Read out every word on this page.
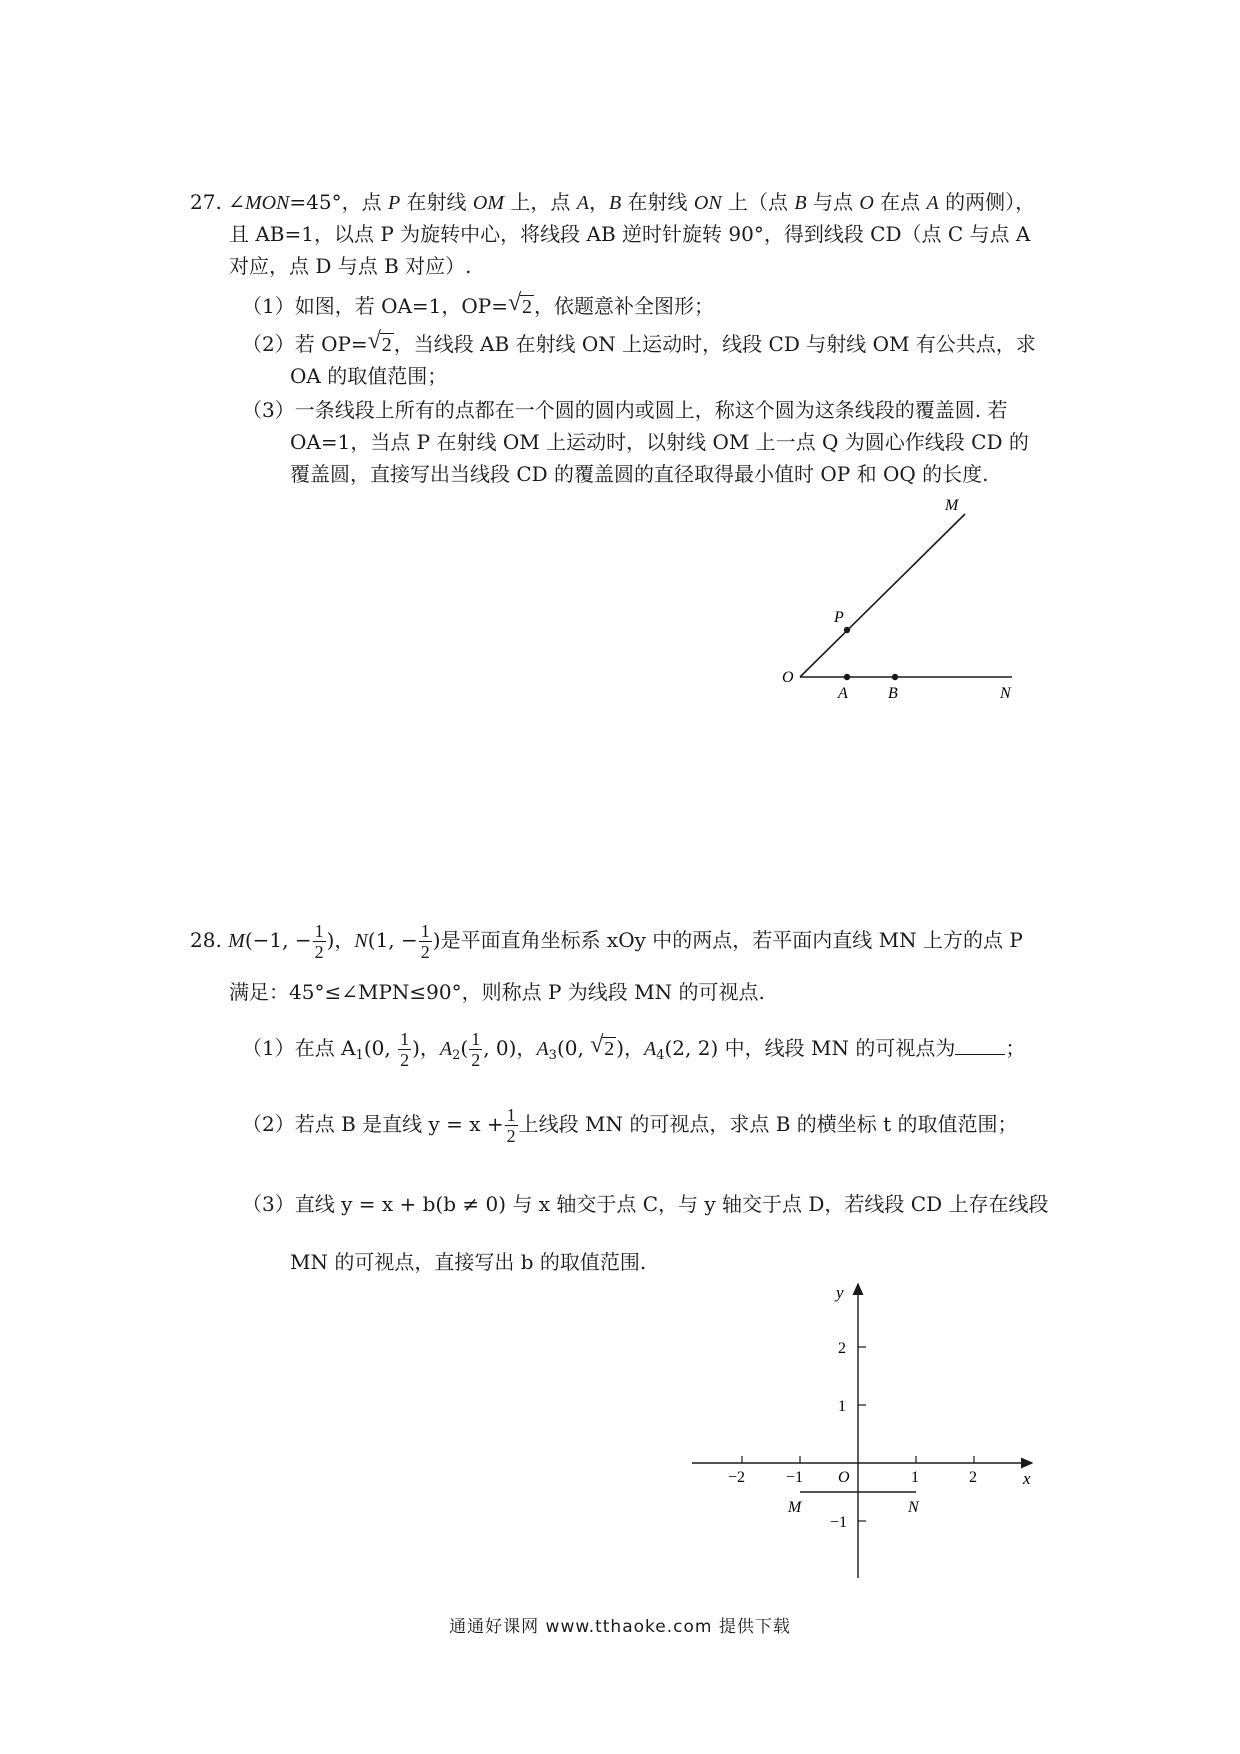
27. ∠MON=45°，点 P 在射线 OM 上，点 A，B 在射线 ON 上（点 B 与点 O 在点 A 的两侧），
且 AB=1，以点 P 为旋转中心，将线段 AB 逆时针旋转 90°，得到线段 CD（点 C 与点 A
对应，点 D 与点 B 对应）.
（1）如图，若 OA=1，OP= √ 2 ，依题意补全图形；
（2）若 OP= √ 2 ，当线段 AB 在射线 ON 上运动时，线段 CD 与射线 OM 有公共点，求
OA 的取值范围；
（3）一条线段上所有的点都在一个圆的圆内或圆上，称这个圆为这条线段的覆盖圆. 若
OA=1，当点 P 在射线 OM 上运动时，以射线 OM 上一点 Q 为圆心作线段 CD 的
覆盖圆，直接写出当线段 CD 的覆盖圆的直径取得最小值时 OP 和 OQ 的长度.
M
P
O
A	B	N
28. M(−1, − $\frac{1}{2}$ )，N(1, − $\frac{1}{2}$ )是平面直角坐标系 xOy 中的两点，若平面内直线 MN 上方的点 P
满足：45°≤∠MPN≤90°，则称点 P 为线段 MN 的可视点.
（1）在点 $A_1(0$, $\frac{1}{2}$ )，$A_2( \frac{1}{2}$ , 0)，$A_3(0$, √ 2 )，$A_4(2$, 2) 中，线段 MN 的可视点为	；
（2）若点 B 是直线 $y = x + \frac{1}{2}$ 上线段 MN 的可视点，求点 B 的横坐标 t 的取值范围；
（3）直线 y = x + b(b ≠ 0) 与 x 轴交于点 C，与 y 轴交于点 D，若线段 CD 上存在线段
MN 的可视点，直接写出 b 的取值范围.
y
x
O
−2	−1	1	2
2
1
−1
M	N
通通好课网 www.tthaoke.com 提供下载
